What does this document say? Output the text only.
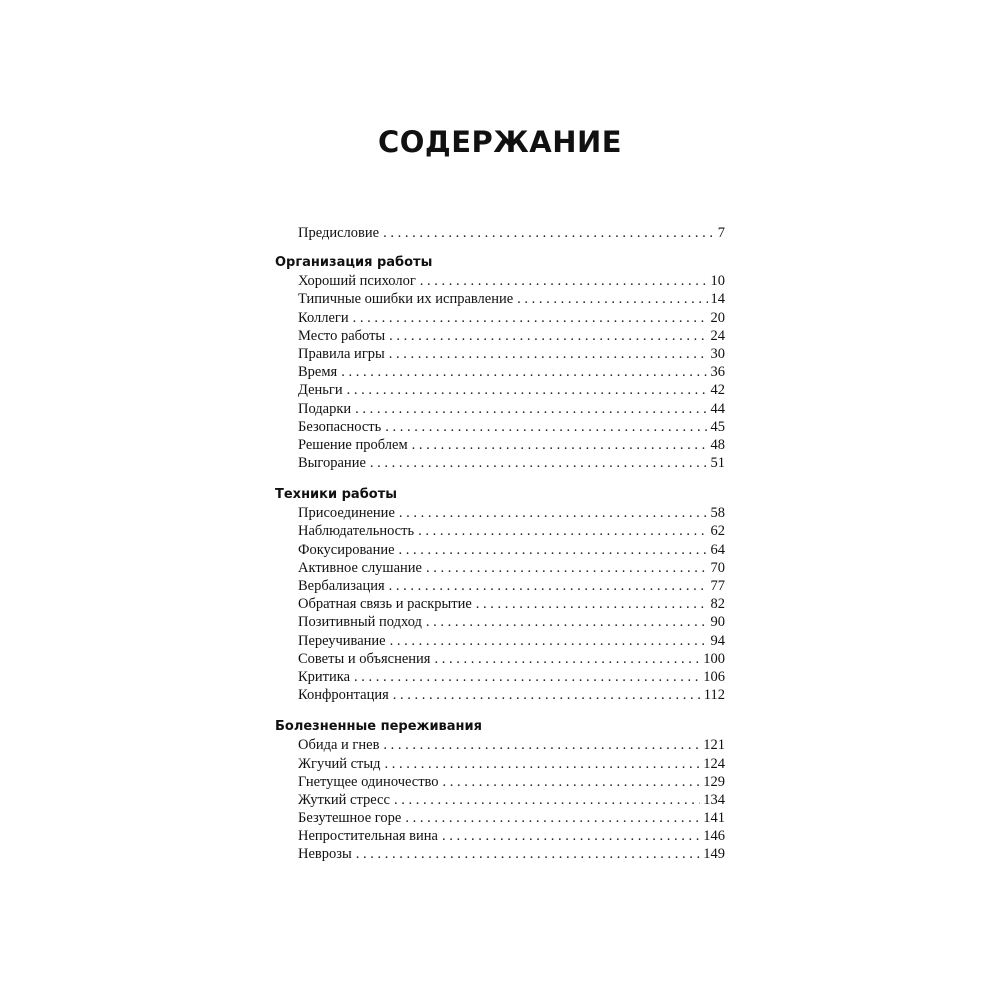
СОДЕРЖАНИЕ
Предисловие . . .	7
Организация работы
Хороший психолог . . .	10
Типичные ошибки их исправление . . .	14
Коллеги . . .	20
Место работы . . .	24
Правила игры . . .	30
Время . . .	36
Деньги . . .	42
Подарки . . .	44
Безопасность . . .	45
Решение проблем . . .	48
Выгорание . . .	51
Техники работы
Присоединение . . .	58
Наблюдательность . . .	62
Фокусирование . . .	64
Активное слушание . . .	70
Вербализация . . .	77
Обратная связь и раскрытие . . .	82
Позитивный подход . . .	90
Переучивание . . .	94
Советы и объяснения . . .	100
Критика . . .	106
Конфронтация . . .	112
Болезненные переживания
Обида и гнев . . .	121
Жгучий стыд . . .	124
Гнетущее одиночество . . .	129
Жуткий стресс . . .	134
Безутешное горе . . .	141
Непростительная вина . . .	146
Неврозы . . .	149
